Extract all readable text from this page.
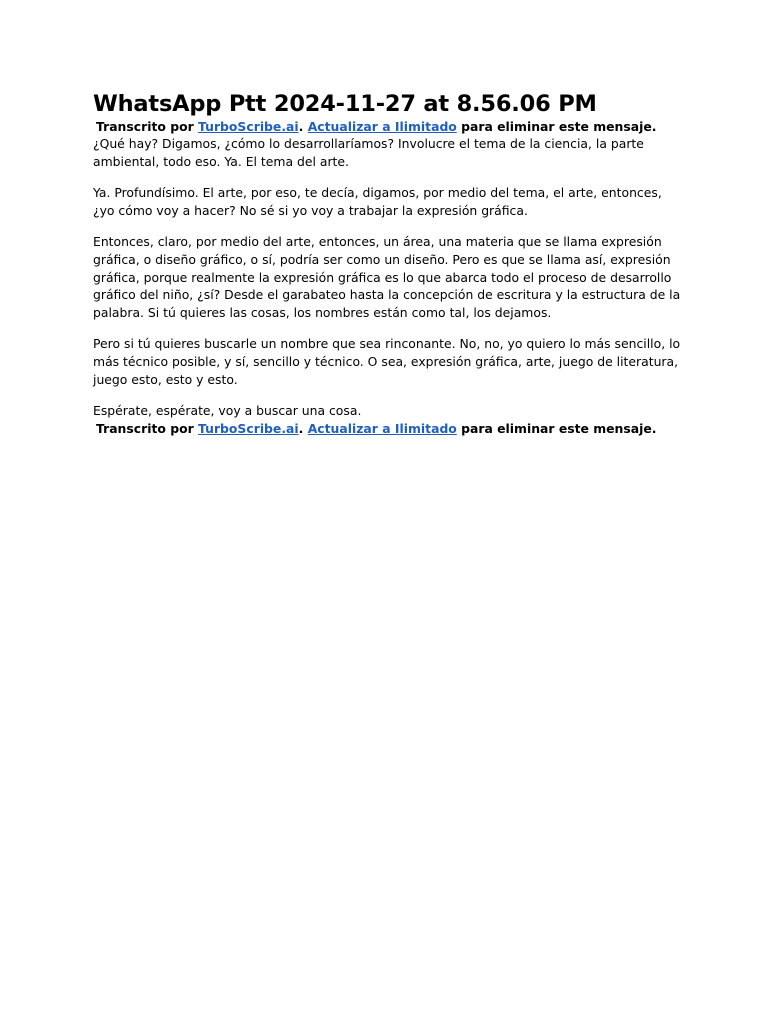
WhatsApp Ptt 2024-11-27 at 8.56.06 PM

Transcrito por TurboScribe.ai. Actualizar a Ilimitado para eliminar este mensaje.

¿Qué hay? Digamos, ¿cómo lo desarrollaríamos? Involucre el tema de la ciencia, la parte ambiental, todo eso. Ya. El tema del arte.

Ya. Profundísimo. El arte, por eso, te decía, digamos, por medio del tema, el arte, entonces, ¿yo cómo voy a hacer? No sé si yo voy a trabajar la expresión gráfica.

Entonces, claro, por medio del arte, entonces, un área, una materia que se llama expresión gráfica, o diseño gráfico, o sí, podría ser como un diseño. Pero es que se llama así, expresión gráfica, porque realmente la expresión gráfica es lo que abarca todo el proceso de desarrollo gráfico del niño, ¿sí? Desde el garabateo hasta la concepción de escritura y la estructura de la palabra. Si tú quieres las cosas, los nombres están como tal, los dejamos.

Pero si tú quieres buscarle un nombre que sea rinconante. No, no, yo quiero lo más sencillo, lo más técnico posible, y sí, sencillo y técnico. O sea, expresión gráfica, arte, juego de literatura, juego esto, esto y esto.

Espérate, espérate, voy a buscar una cosa.

Transcrito por TurboScribe.ai. Actualizar a Ilimitado para eliminar este mensaje.
